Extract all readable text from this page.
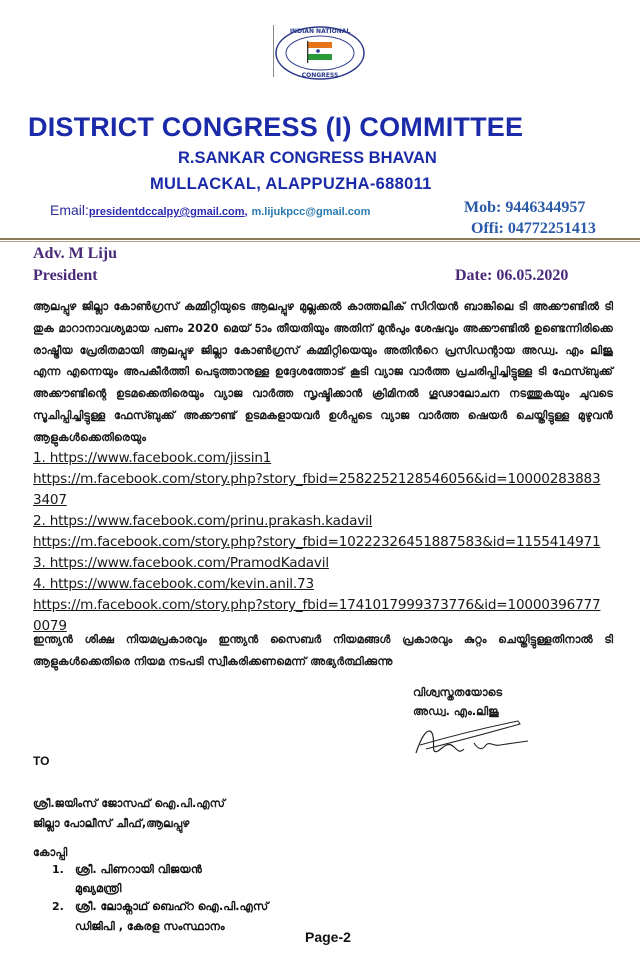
INDIAN NATIONAL
CONGRESS
DISTRICT CONGRESS (I) COMMITTEE
R.SANKAR CONGRESS BHAVAN
MULLACKAL, ALAPPUZHA-688011
Email:presidentdccalpy@gmail.com, m.lijukpcc@gmail.com	Mob: 9446344957
Offi: 04772251413
Adv. M Liju
President	Date: 06.05.2020
ആലപ്പുഴ ജില്ലാ കോൺഗ്രസ് കമ്മിറ്റിയുടെ ആലപ്പുഴ മുല്ലക്കൽ കാത്തലിക് സിറിയൻ ബാങ്കിലെ ടി അക്കൗണ്ടിൽ ടി തുക മാറാനാവശ്യമായ പണം 2020 മെയ് 5ാം തീയതിയും അതിന് മുൻപും ശേഷവും അക്കൗണ്ടിൽ ഉണ്ടെന്നിരിക്കെ രാഷ്ട്രീയ പ്രേരിതമായി ആലപ്പുഴ ജില്ലാ കോൺഗ്രസ് കമ്മിറ്റിയെയും അതിൻറെ പ്രസിഡന്റായ അഡ്വ. എം ലിജു എന്ന എന്നെയും അപകീർത്തി പെടുത്താനുള്ള ഉദ്ദേശത്തോട് കൂടി വ്യാജ വാർത്ത പ്രചരിപ്പിച്ചിട്ടുള്ള ടി ഫേസ്ബുക്ക് അക്കൗണ്ടിന്റെ ഉടമക്കെതിരെയും വ്യാജ വാർത്ത സൃഷ്ടിക്കാൻ ക്രിമിനൽ ഗൂഢാലോചന നടത്തുകയും ചുവടെ സൂചിപ്പിച്ചിട്ടുള്ള ഫേസ്ബുക്ക് അക്കൗണ്ട് ഉടമകളായവർ ഉൾപ്പടെ വ്യാജ വാർത്ത ഷെയർ ചെയ്തിട്ടുള്ള മുഴുവൻ ആളുകൾക്കെതിരെയും
1. https://www.facebook.com/jissin1
https://m.facebook.com/story.php?story_fbid=2582252128546056&id=10000283883
3407
2. https://www.facebook.com/prinu.prakash.kadavil
https://m.facebook.com/story.php?story_fbid=10222326451887583&id=1155414971
3. https://www.facebook.com/PramodKadavil
4. https://www.facebook.com/kevin.anil.73
https://m.facebook.com/story.php?story_fbid=1741017999373776&id=10000396777
0079
ഇന്ത്യൻ ശിക്ഷ നിയമപ്രകാരവും ഇന്ത്യൻ സൈബർ നിയമങ്ങൾ പ്രകാരവും കുറ്റം ചെയ്തിട്ടുള്ളതിനാൽ ടി ആളുകൾക്കെതിരെ നിയമ നടപടി സ്വീകരിക്കണമെന്ന് അഭ്യർത്ഥിക്കുന്നു
വിശ്വസ്തതയോടെ
അഡ്വ. എം.ലിജു
TO
ശ്രീ.ജയിംസ് ജോസഫ് ഐ.പി.എസ്
ജില്ലാ പോലീസ് ചീഫ്,ആലപ്പുഴ
കോപ്പി
1. ശ്രീ. പിണറായി വിജയൻ
മുഖ്യമന്ത്രി
2. ശ്രീ. ലോക്നാഥ് ബെഹ്റ ഐ.പി.എസ്
ഡിജിപി , കേരള സംസ്ഥാനം
Page-2
